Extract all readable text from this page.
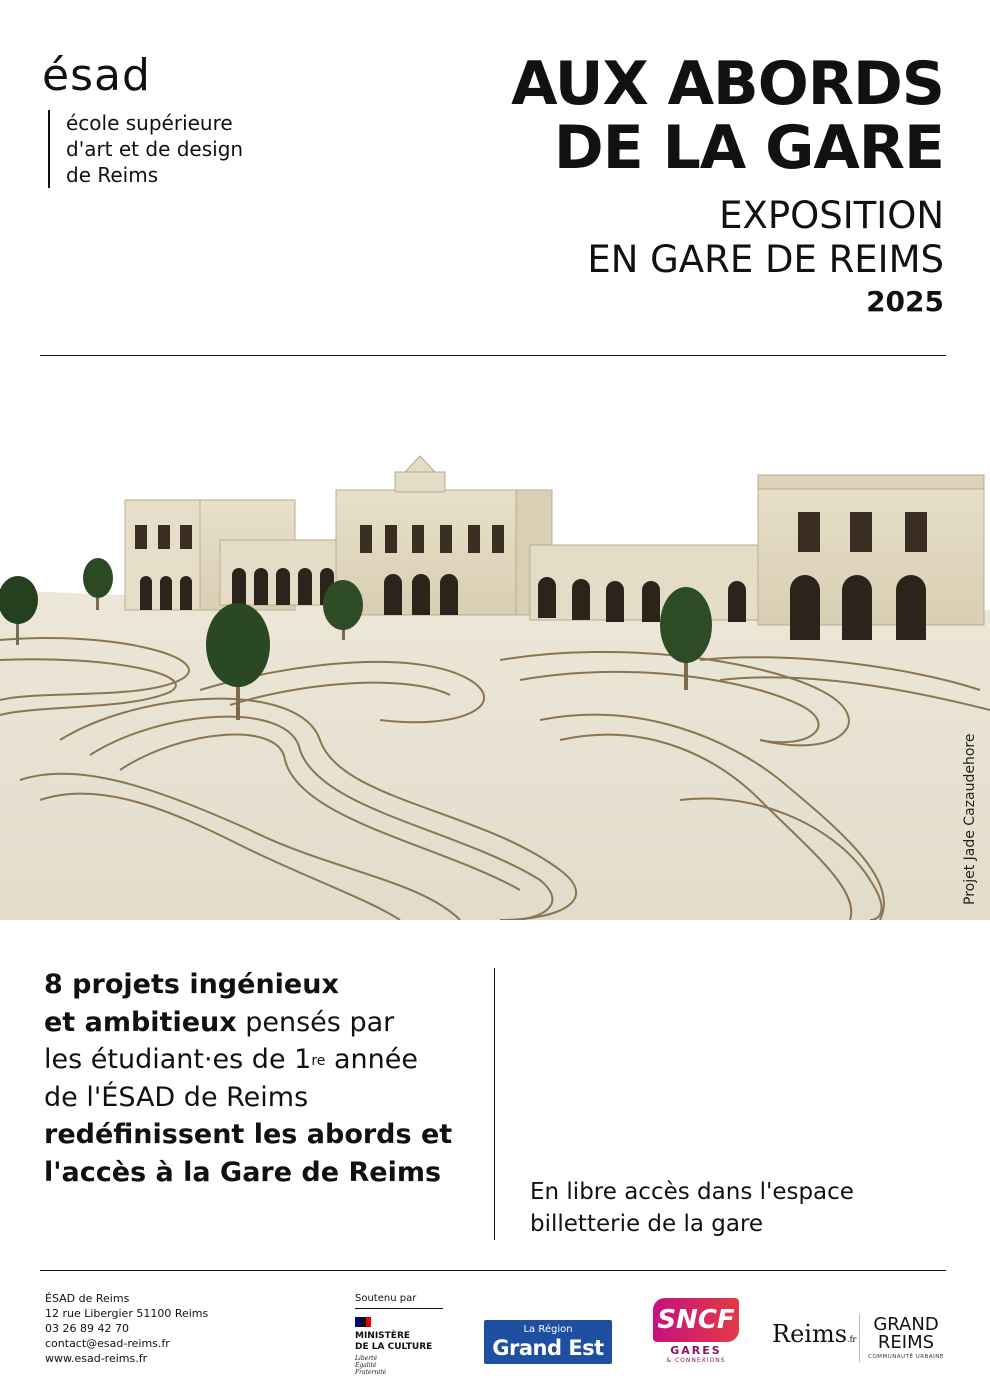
ésad
école supérieure
d'art et de design
de Reims
AUX ABORDS
DE LA GARE
EXPOSITION
EN GARE DE REIMS
2025
Projet Jade Cazaudehore
8 projets ingénieux
et ambitieux pensés par
les étudiant·es de 1re année
de l'ÉSAD de Reims
redéfinissent les abords et
l'accès à la Gare de Reims
En libre accès dans l'espace
billetterie de la gare
ÉSAD de Reims
12 rue Libergier 51100 Reims
03 26 89 42 70
contact@esad-reims.fr
www.esad-reims.fr
Soutenu par
MINISTÈRE
DE LA CULTURE
Liberté
Égalité
Fraternité
La Région
Grand Est
SNCF
GARES
& CONNEXIONS
Reims.fr
GRAND
REIMS
COMMUNAUTÉ URBAINE
